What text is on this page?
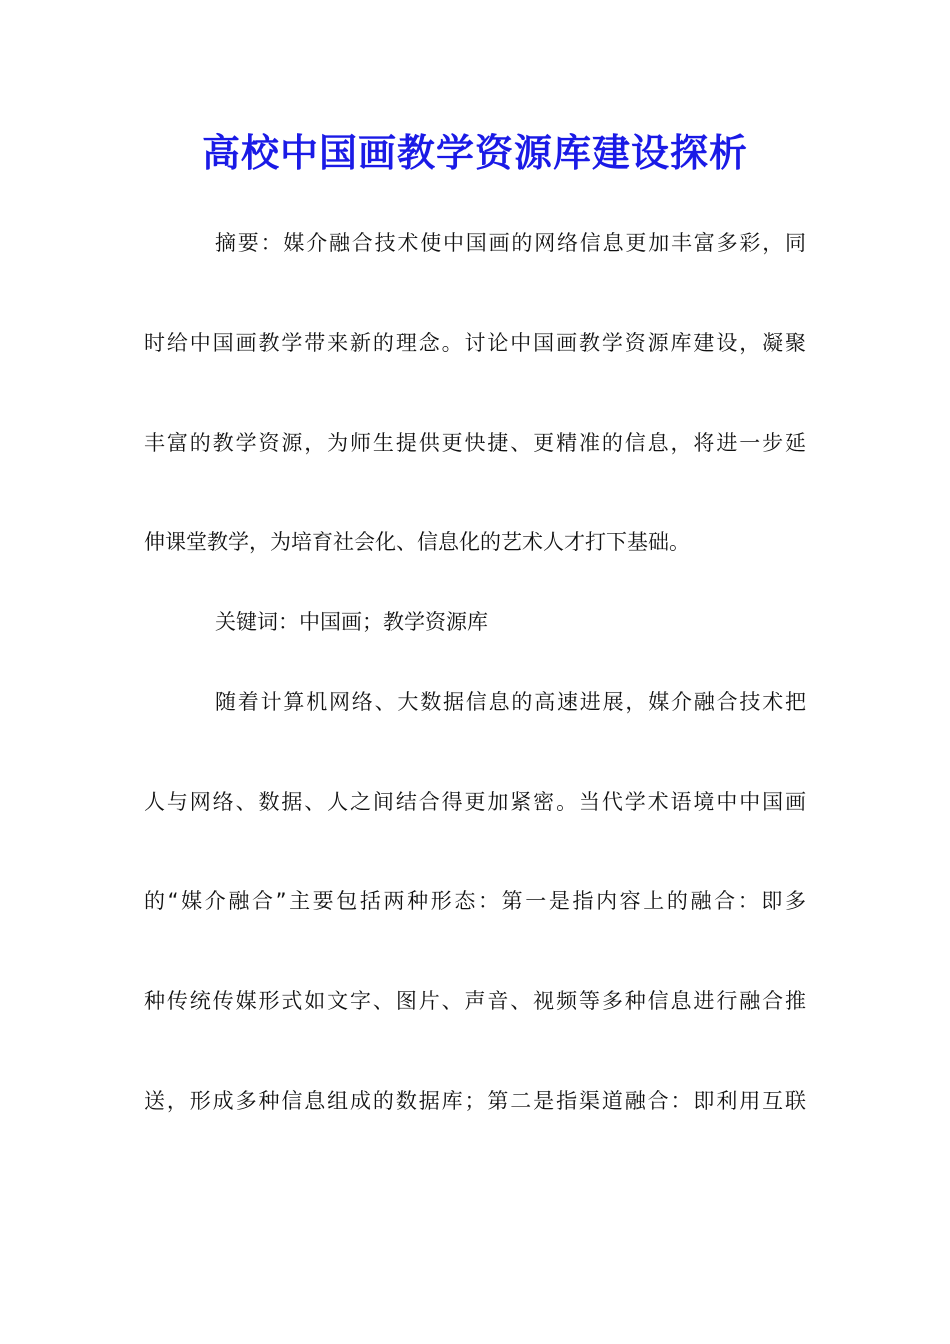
高校中国画教学资源库建设探析
摘要：媒介融合技术使中国画的网络信息更加丰富多彩，同
时给中国画教学带来新的理念。讨论中国画教学资源库建设，凝聚
丰富的教学资源，为师生提供更快捷、更精准的信息，将进一步延
伸课堂教学，为培育社会化、信息化的艺术人才打下基础。
关键词：中国画；教学资源库
随着计算机网络、大数据信息的高速进展，媒介融合技术把
人与网络、数据、人之间结合得更加紧密。当代学术语境中中国画
的“媒介融合”主要包括两种形态：第一是指内容上的融合：即多
种传统传媒形式如文字、图片、声音、视频等多种信息进行融合推
送，形成多种信息组成的数据库；第二是指渠道融合：即利用互联
